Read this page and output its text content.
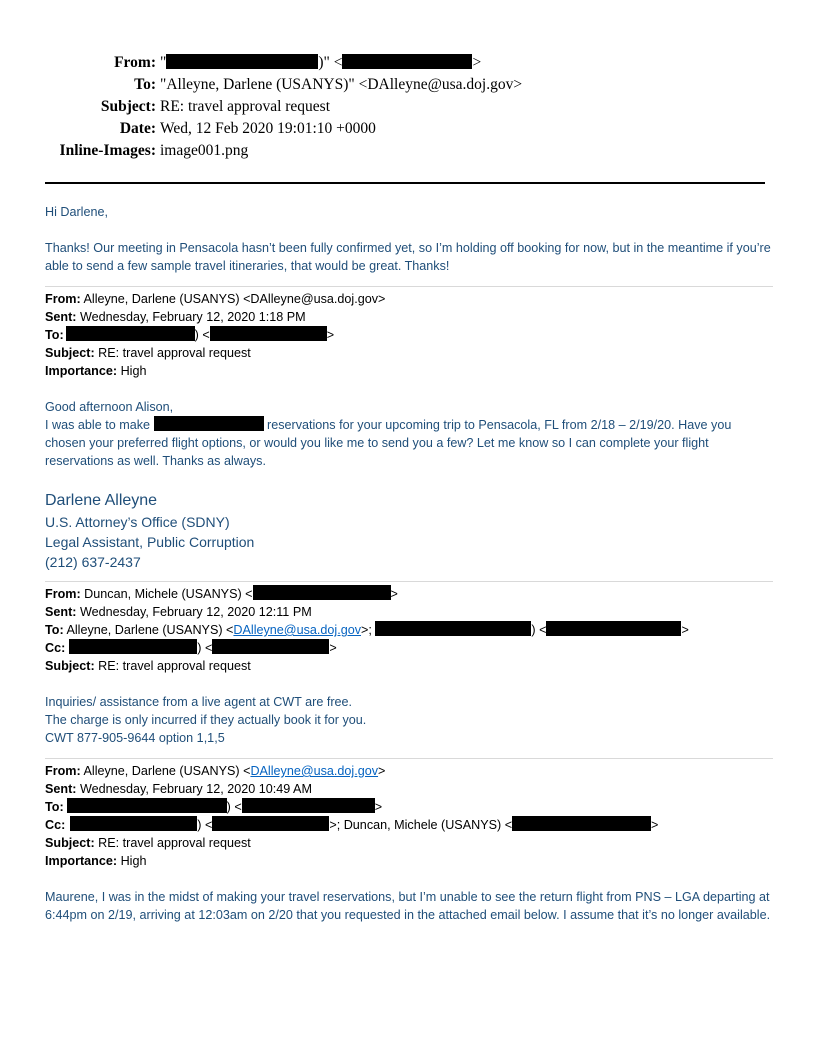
From: "	)" <	>
To: "Alleyne, Darlene (USANYS)" <DAlleyne@usa.doj.gov>
Subject: RE: travel approval request
Date: Wed, 12 Feb 2020 19:01:10 +0000
Inline-Images: image001.png
Hi Darlene,
Thanks! Our meeting in Pensacola hasn’t been fully confirmed yet, so I’m holding off booking for now, but in the meantime if you’re able to send a few sample travel itineraries, that would be great. Thanks!
From: Alleyne, Darlene (USANYS) <DAlleyne@usa.doj.gov>
Sent: Wednesday, February 12, 2020 1:18 PM
To:	) <	>
Subject: RE: travel approval request
Importance: High
Good afternoon Alison,
I was able to make	reservations for your upcoming trip to Pensacola, FL from 2/18 – 2/19/20. Have you chosen your preferred flight options, or would you like me to send you a few? Let me know so I can complete your flight reservations as well. Thanks as always.
Darlene Alleyne
U.S. Attorney’s Office (SDNY)
Legal Assistant, Public Corruption
(212) 637-2437
From: Duncan, Michele (USANYS) <	>
Sent: Wednesday, February 12, 2020 12:11 PM
To: Alleyne, Darlene (USANYS) <DAlleyne@usa.doj.gov>;	) <	>
Cc:	) <	>
Subject: RE: travel approval request
Inquiries/ assistance from a live agent at CWT are free.
The charge is only incurred if they actually book it for you.
CWT 877-905-9644 option 1,1,5
From: Alleyne, Darlene (USANYS) <DAlleyne@usa.doj.gov>
Sent: Wednesday, February 12, 2020 10:49 AM
To:	) <	>
Cc:	) <	>; Duncan, Michele (USANYS) <	>
Subject: RE: travel approval request
Importance: High
Maurene, I was in the midst of making your travel reservations, but I’m unable to see the return flight from PNS – LGA departing at 6:44pm on 2/19, arriving at 12:03am on 2/20 that you requested in the attached email below. I assume that it’s no longer available.
